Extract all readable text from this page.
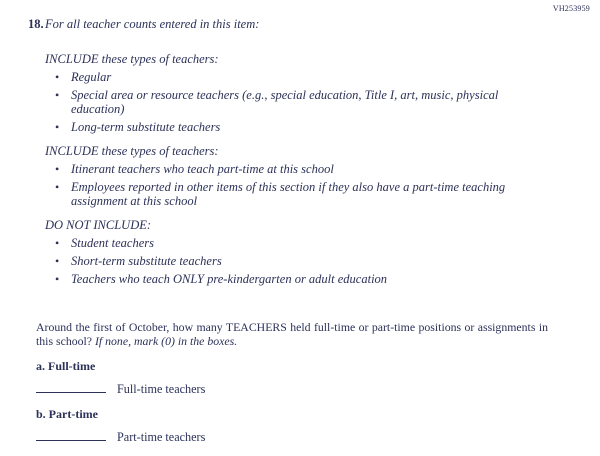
VH253959
18. For all teacher counts entered in this item:

INCLUDE these types of teachers:

• Regular
• Special area or resource teachers (e.g., special education, Title I, art, music, physical education)
• Long-term substitute teachers

INCLUDE these types of teachers:

• Itinerant teachers who teach part-time at this school
• Employees reported in other items of this section if they also have a part-time teaching assignment at this school

DO NOT INCLUDE:

• Student teachers
• Short-term substitute teachers
• Teachers who teach ONLY pre-kindergarten or adult education

Around the first of October, how many TEACHERS held full-time or part-time positions or assignments in this school? If none, mark (0) in the boxes.

a. Full-time

Full-time teachers

b. Part-time

Part-time teachers
